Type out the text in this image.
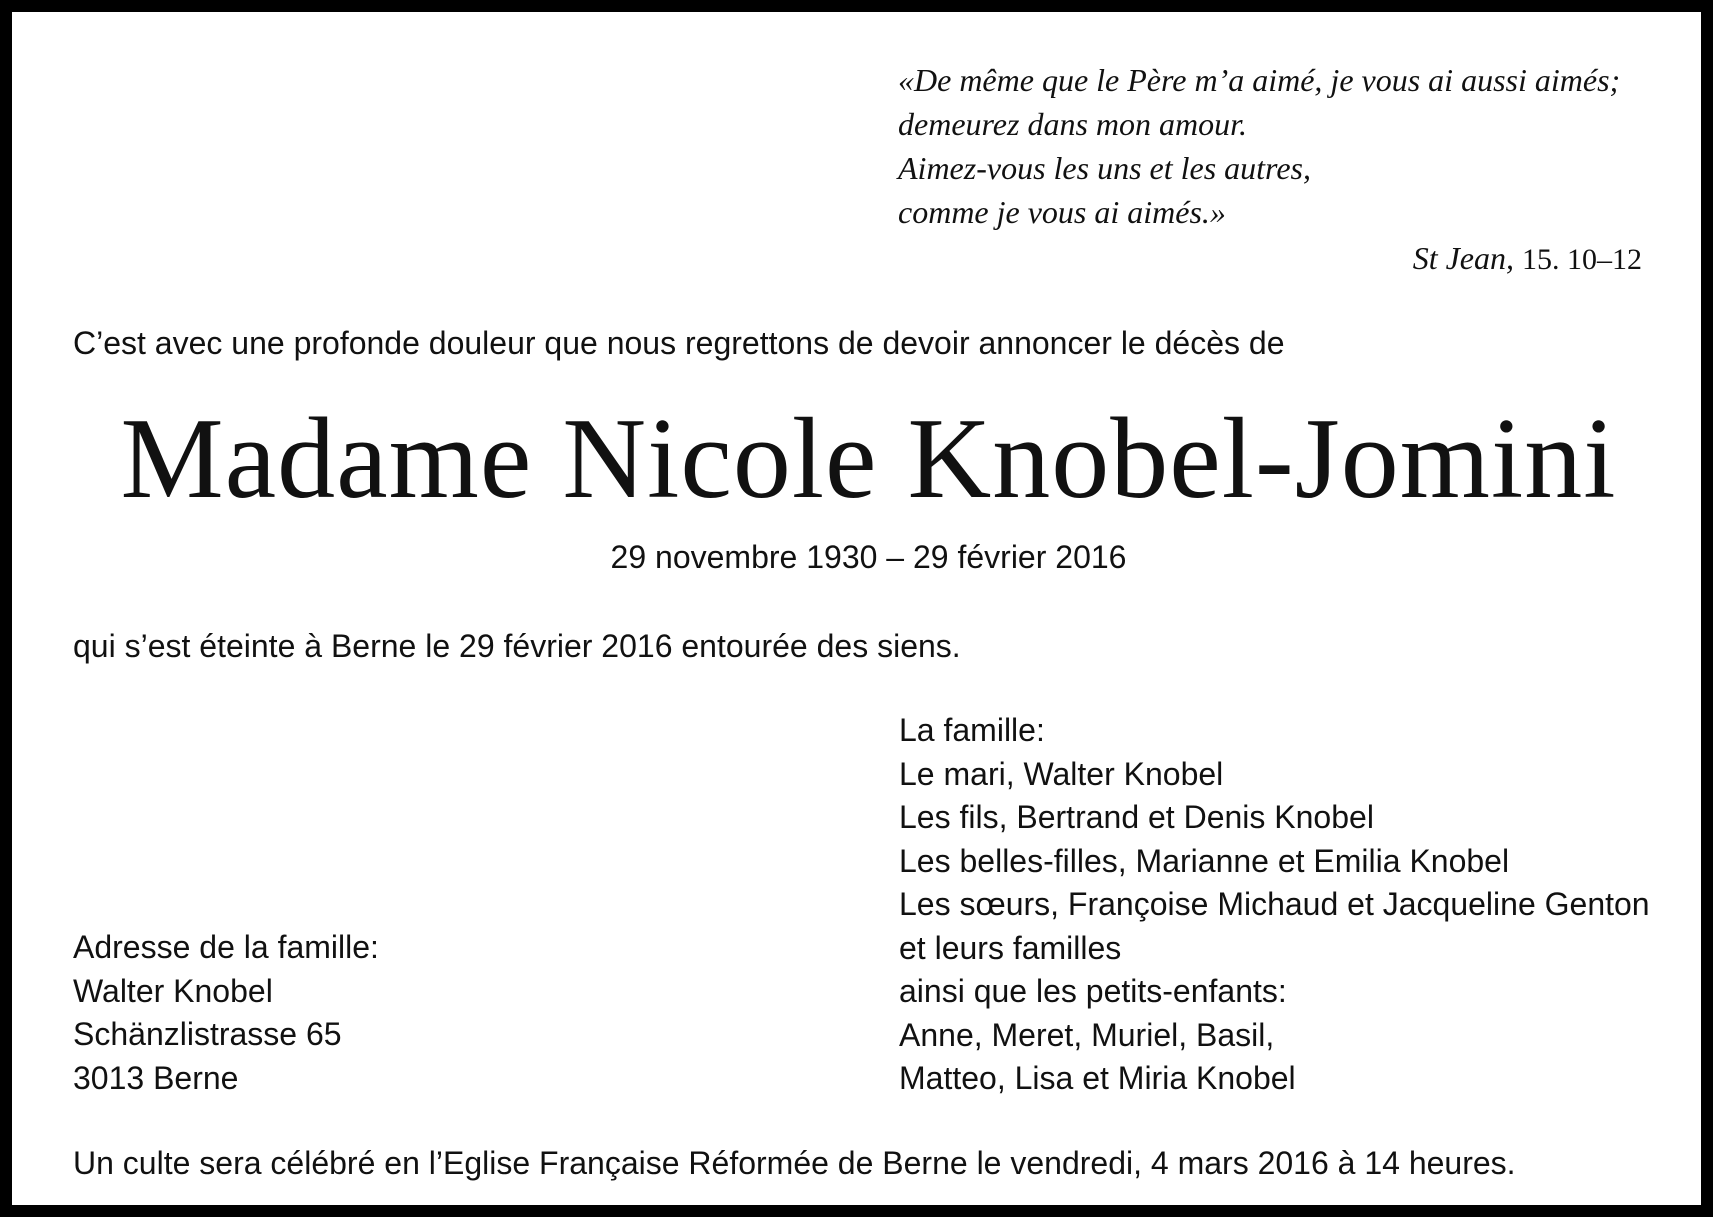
«De même que le Père m’a aimé, je vous ai aussi aimés;
demeurez dans mon amour.
Aimez-vous les uns et les autres,
comme je vous ai aimés.»
St Jean, 15. 10–12
C’est avec une profonde douleur que nous regrettons de devoir annoncer le décès de
Madame Nicole Knobel-Jomini
29 novembre 1930 – 29 février 2016
qui s’est éteinte à Berne le 29 février 2016 entourée des siens.
La famille:
Le mari, Walter Knobel
Les fils, Bertrand et Denis Knobel
Les belles-filles, Marianne et Emilia Knobel
Les sœurs, Françoise Michaud et Jacqueline Genton
et leurs familles
ainsi que les petits-enfants:
Anne, Meret, Muriel, Basil,
Matteo, Lisa et Miria Knobel
Adresse de la famille:
Walter Knobel
Schänzlistrasse 65
3013 Berne
Un culte sera célébré en l’Eglise Française Réformée de Berne le vendredi, 4 mars 2016 à 14 heures.
